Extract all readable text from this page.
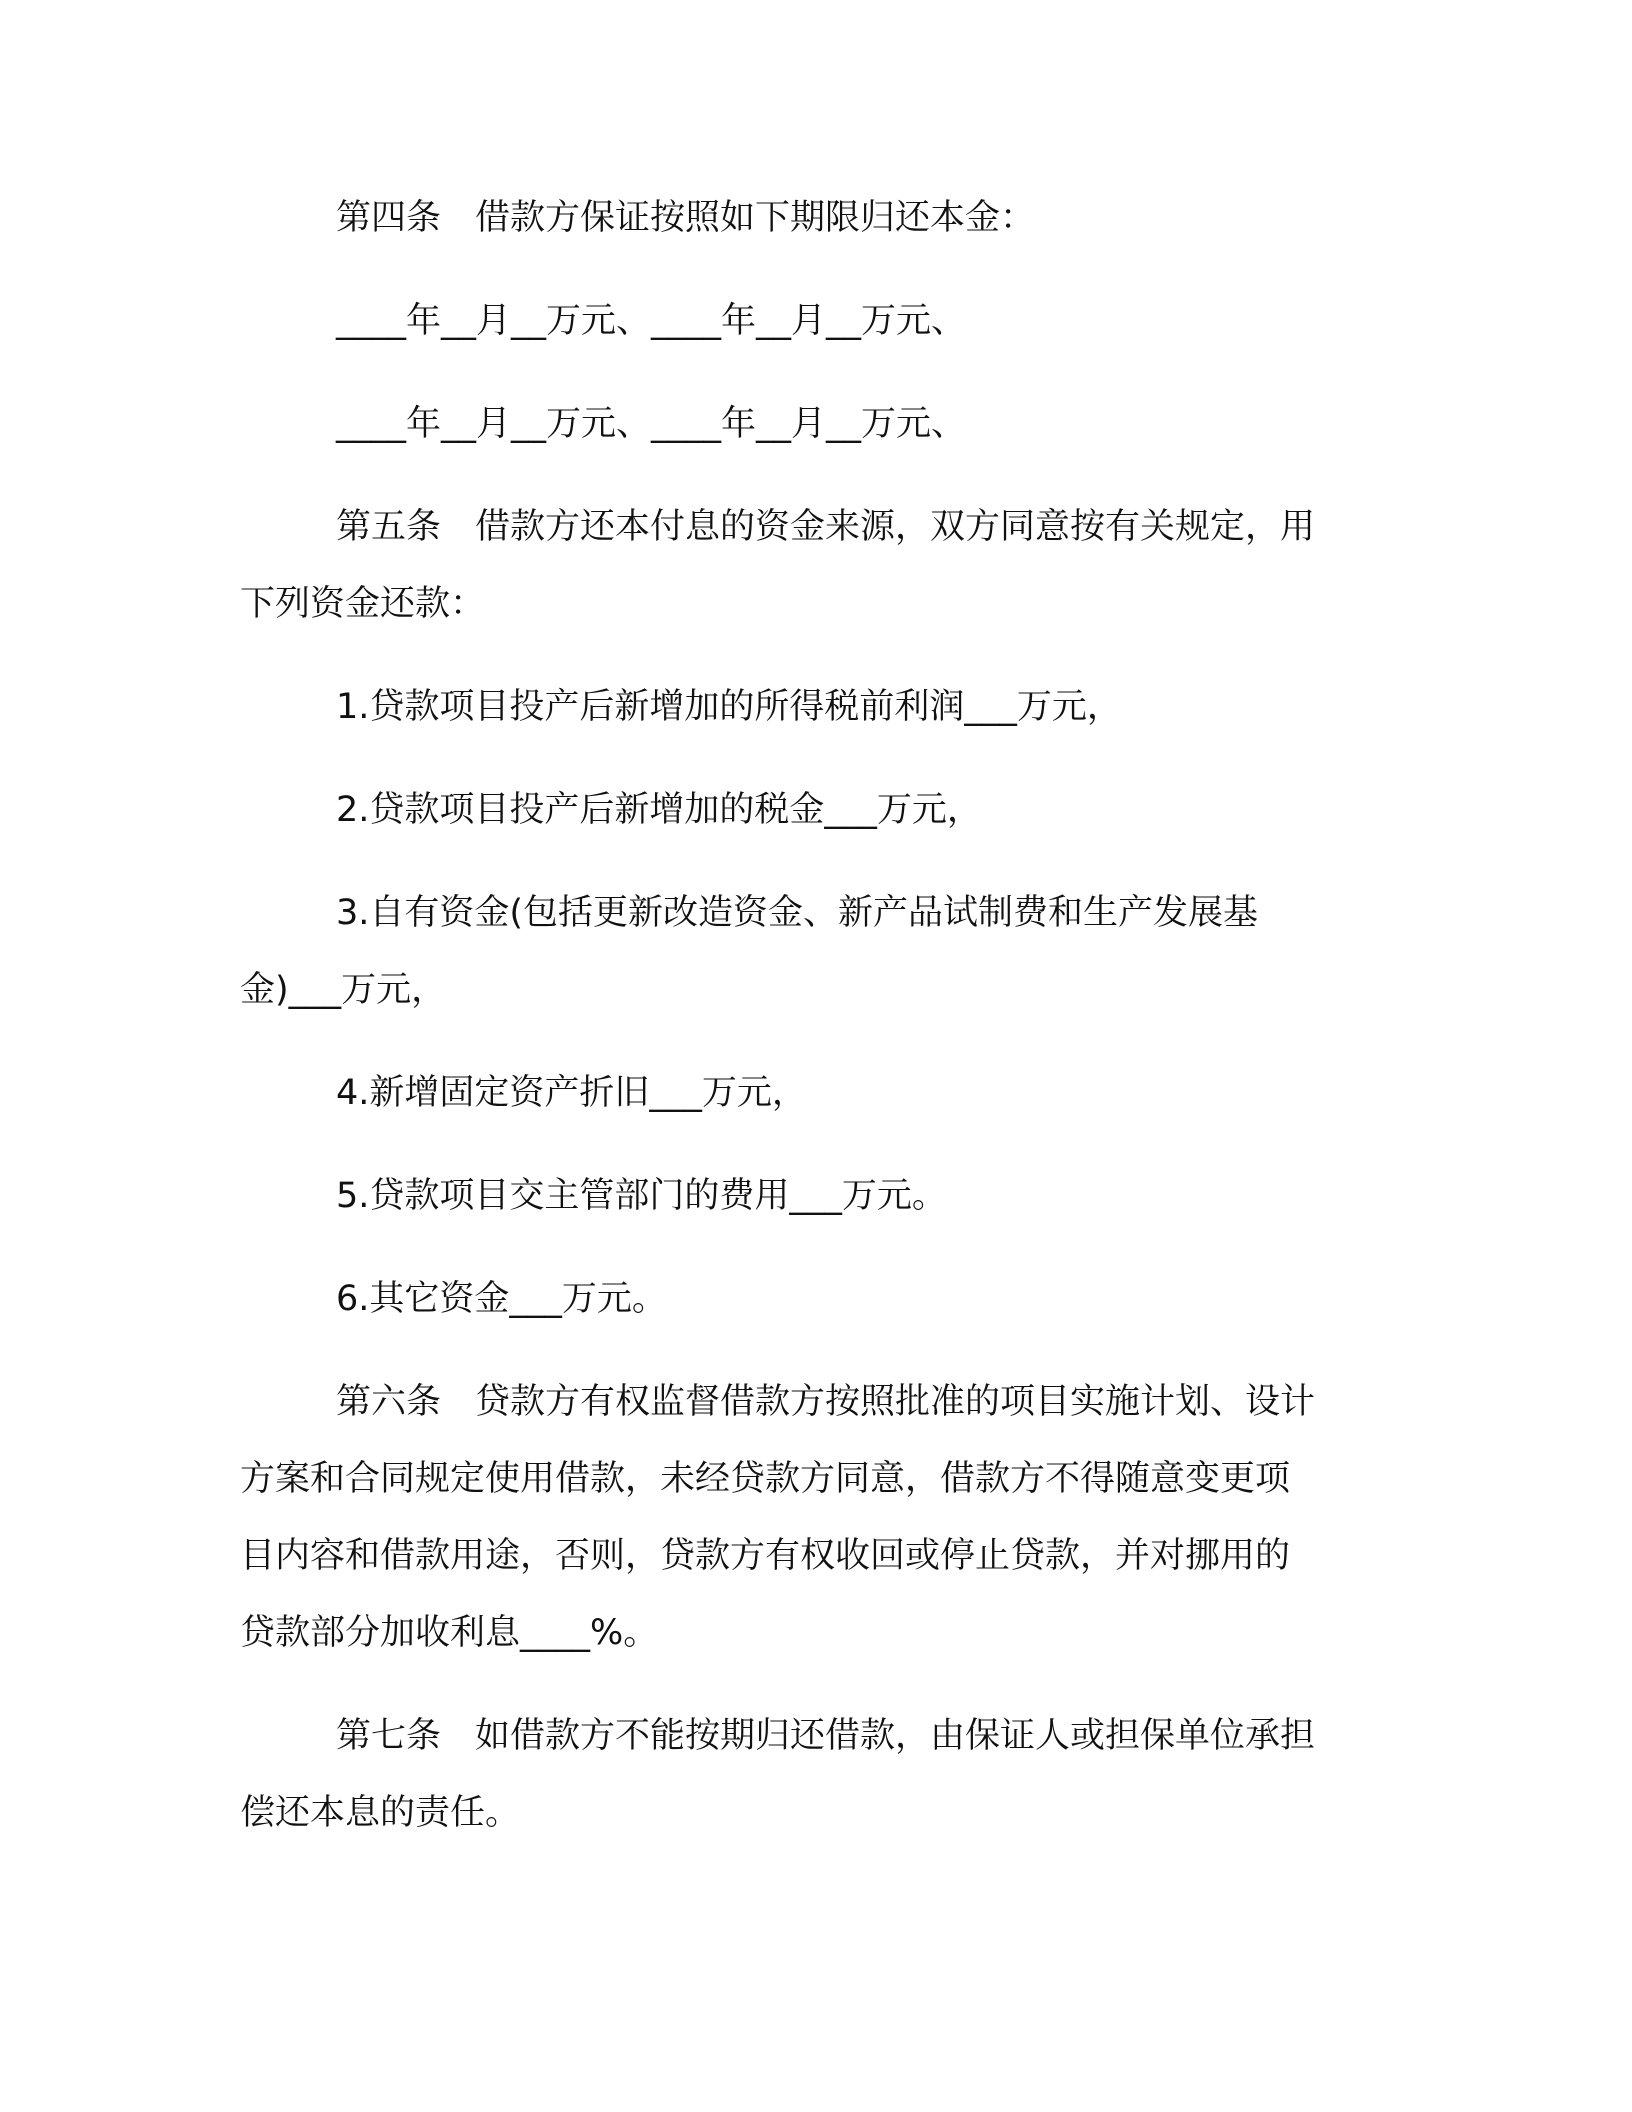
第四条 借款方保证按照如下期限归还本金：
____年__月__万元、____年__月__万元、
____年__月__万元、____年__月__万元、
第五条 借款方还本付息的资金来源，双方同意按有关规定，用
下列资金还款：
1.贷款项目投产后新增加的所得税前利润___万元，
2.贷款项目投产后新增加的税金___万元，
3.自有资金(包括更新改造资金、新产品试制费和生产发展基
金)___万元，
4.新增固定资产折旧___万元，
5.贷款项目交主管部门的费用___万元。
6.其它资金___万元。
第六条 贷款方有权监督借款方按照批准的项目实施计划、设计
方案和合同规定使用借款，未经贷款方同意，借款方不得随意变更项
目内容和借款用途，否则，贷款方有权收回或停止贷款，并对挪用的
贷款部分加收利息____%。
第七条 如借款方不能按期归还借款，由保证人或担保单位承担
偿还本息的责任。
